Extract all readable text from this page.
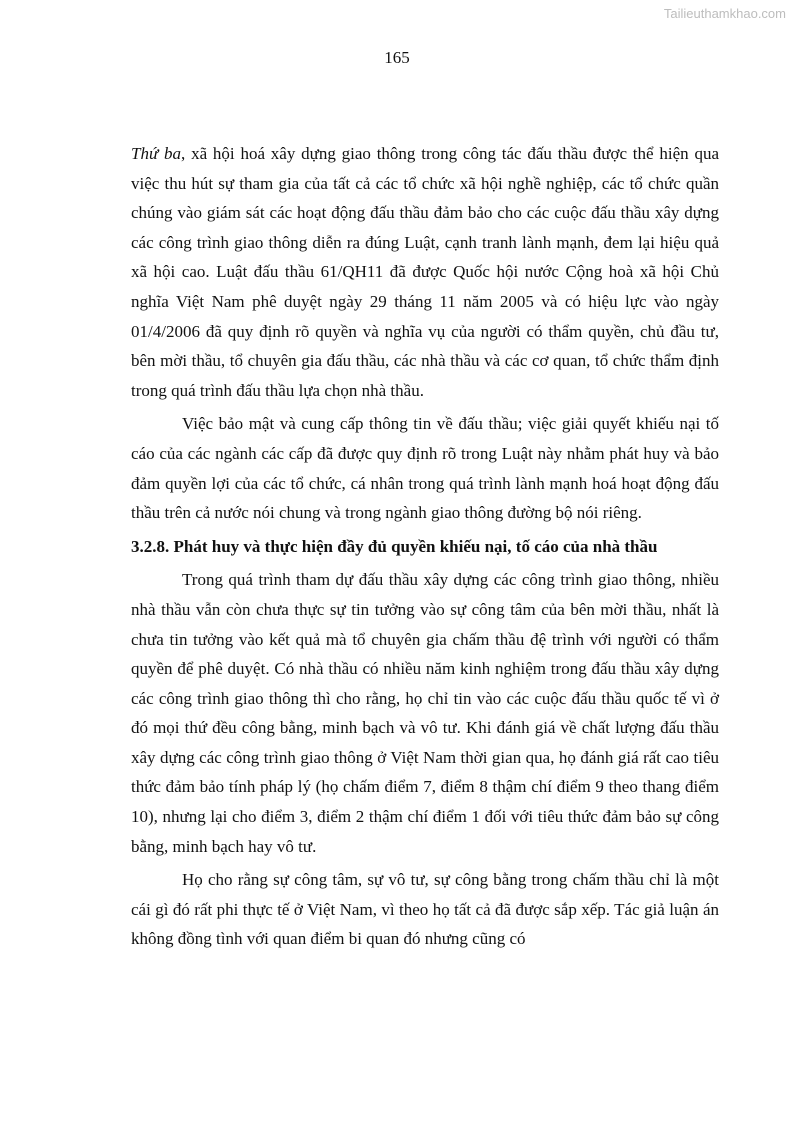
Tailieuthamkhao.com
165

Thứ ba, xã hội hoá xây dựng giao thông trong công tác đấu thầu được thể hiện qua việc thu hút sự tham gia của tất cả các tổ chức xã hội nghề nghiệp, các tổ chức quần chúng vào giám sát các hoạt động đấu thầu đảm bảo cho các cuộc đấu thầu xây dựng các công trình giao thông diễn ra đúng Luật, cạnh tranh lành mạnh, đem lại hiệu quả xã hội cao. Luật đấu thầu 61/QH11 đã được Quốc hội nước Cộng hoà xã hội Chủ nghĩa Việt Nam phê duyệt ngày 29 tháng 11 năm 2005 và có hiệu lực vào ngày 01/4/2006 đã quy định rõ quyền và nghĩa vụ của người có thẩm quyền, chủ đầu tư, bên mời thầu, tổ chuyên gia đấu thầu, các nhà thầu và các cơ quan, tổ chức thẩm định trong quá trình đấu thầu lựa chọn nhà thầu.

Việc bảo mật và cung cấp thông tin về đấu thầu; việc giải quyết khiếu nại tố cáo của các ngành các cấp đã được quy định rõ trong Luật này nhằm phát huy và bảo đảm quyền lợi của các tổ chức, cá nhân trong quá trình lành mạnh hoá hoạt động đấu thầu trên cả nước nói chung và trong ngành giao thông đường bộ nói riêng.

3.2.8. Phát huy và thực hiện đầy đủ quyền khiếu nại, tố cáo của nhà thầu

Trong quá trình tham dự đấu thầu xây dựng các công trình giao thông, nhiều nhà thầu vẫn còn chưa thực sự tin tưởng vào sự công tâm của bên mời thầu, nhất là chưa tin tưởng vào kết quả mà tổ chuyên gia chấm thầu đệ trình với người có thẩm quyền để phê duyệt. Có nhà thầu có nhiều năm kinh nghiệm trong đấu thầu xây dựng các công trình giao thông thì cho rằng, họ chỉ tin vào các cuộc đấu thầu quốc tế vì ở đó mọi thứ đều công bằng, minh bạch và vô tư. Khi đánh giá về chất lượng đấu thầu xây dựng các công trình giao thông ở Việt Nam thời gian qua, họ đánh giá rất cao tiêu thức đảm bảo tính pháp lý (họ chấm điểm 7, điểm 8 thậm chí điểm 9 theo thang điểm 10), nhưng lại cho điểm 3, điểm 2 thậm chí điểm 1 đối với tiêu thức đảm bảo sự công bằng, minh bạch hay vô tư.

Họ cho rằng sự công tâm, sự vô tư, sự công bằng trong chấm thầu chỉ là một cái gì đó rất phi thực tế ở Việt Nam, vì theo họ tất cả đã được sắp xếp. Tác giả luận án không đồng tình với quan điểm bi quan đó nhưng cũng có
